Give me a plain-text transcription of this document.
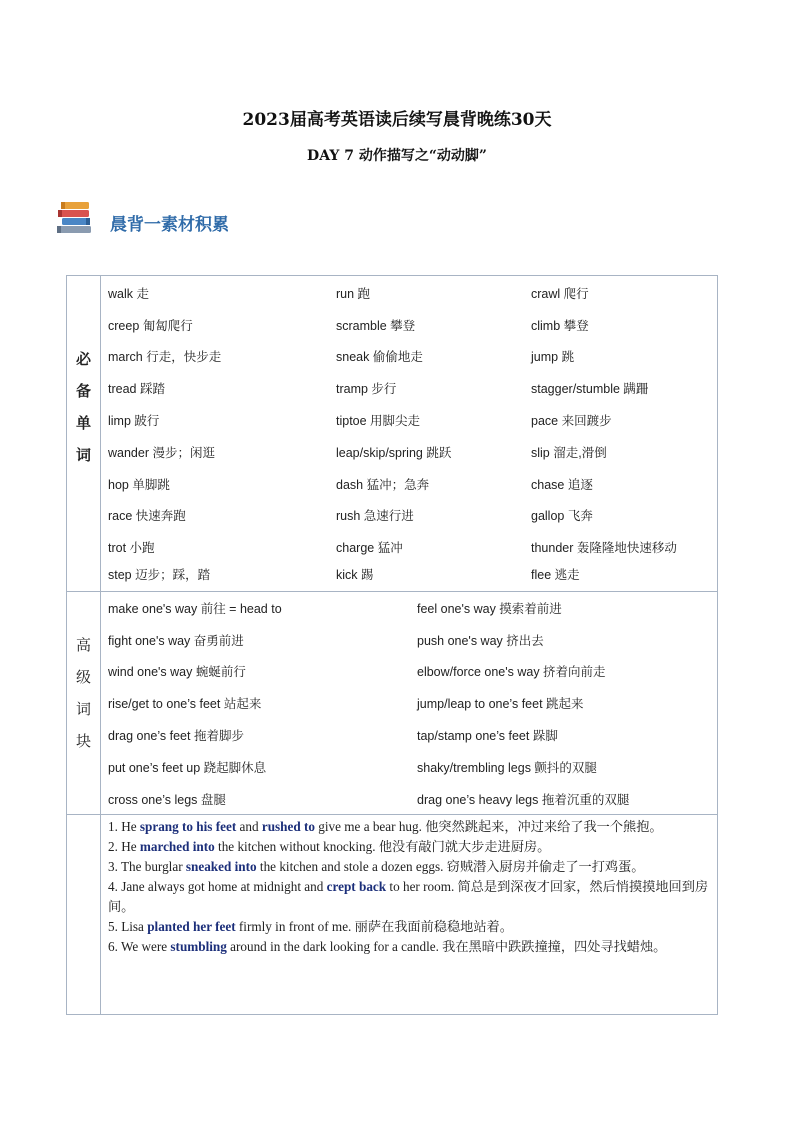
2023届高考英语读后续写晨背晚练30天
DAY 7 动作描写之“动动脚”
晨背一素材积累
必
备
单
词
walk 走	run 跑	crawl 爬行
creep 匍匐爬行	scramble 攀登	climb 攀登
march 行走，快步走	sneak 偷偷地走	jump 跳
tread 踩踏	tramp 步行	stagger/stumble 蹒跚
limp 跛行	tiptoe 用脚尖走	pace 来回踱步
wander 漫步；闲逛	leap/skip/spring 跳跃	slip 溜走,滑倒
hop 单脚跳	dash 猛冲；急奔	chase 追逐
race 快速奔跑	rush 急速行进	gallop 飞奔
trot 小跑	charge 猛冲	thunder 轰隆隆地快速移动
step 迈步；踩，踏	kick 踢	flee 逃走
高
级
词
块
make one's way 前往 = head to	feel one's way 摸索着前进
fight one's way 奋勇前进	push one's way 挤出去
wind one's way 蜿蜒前行	elbow/force one's way 挤着向前走
rise/get to one’s feet 站起来	jump/leap to one’s feet 跳起来
drag one’s feet 拖着脚步	tap/stamp one’s feet 跺脚
put one’s feet up 跷起脚休息	shaky/trembling legs 颤抖的双腿
cross one’s legs 盘腿	drag one’s heavy legs 拖着沉重的双腿
1. He sprang to his feet and rushed to give me a bear hug. 他突然跳起来，冲过来给了我一个熊抱。
2. He marched into the kitchen without knocking. 他没有敲门就大步走进厨房。
3. The burglar sneaked into the kitchen and stole a dozen eggs. 窃贼潜入厨房并偷走了一打鸡蛋。
4. Jane always got home at midnight and crept back to her room. 简总是到深夜才回家，然后悄摸摸地回到房间。
5. Lisa planted her feet firmly in front of me. 丽萨在我面前稳稳地站着。
6. We were stumbling around in the dark looking for a candle. 我在黑暗中跌跌撞撞，四处寻找蜡烛。
